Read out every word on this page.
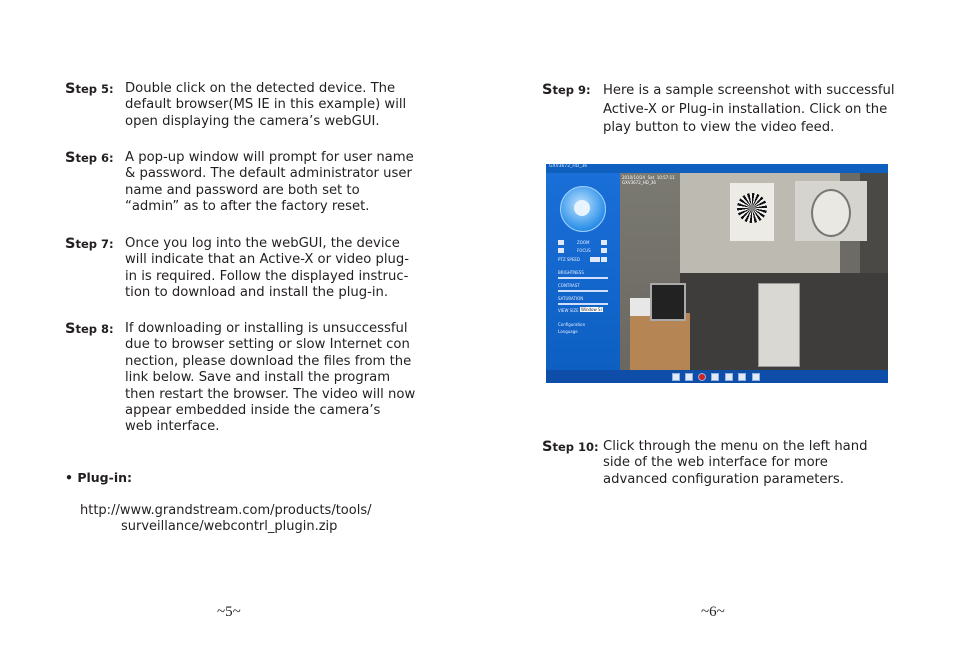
Step 5: Double click on the detected device. The
default browser(MS IE in this example) will
open displaying the camera’s webGUI.
Step 6: A pop-up window will prompt for user name
& password. The default administrator user
name and password are both set to
“admin” as to after the factory reset.
Step 7: Once you log into the webGUI, the device
will indicate that an Active-X or video plug-
in is required. Follow the displayed instruc-
tion to download and install the plug-in.
Step 8: If downloading or installing is unsuccessful
due to browser setting or slow Internet con
nection, please download the files from the
link below. Save and install the program
then restart the browser. The video will now
appear embedded inside the camera’s
web interface.
• Plug-in:
http://www.grandstream.com/products/tools/
surveillance/webcontrl_plugin.zip
~5~
Step 9: Here is a sample screenshot with successful
Active-X or Plug-in installation. Click on the
play button to view the video feed.
GXV3672_HD_36
ZOOM
FOCUS
PTZ SPEED
BRIGHTNESS
CONTRAST
SATURATION
VIEW SIZE Window Si
Configuration
Language
2010/10/24  Sat  10:57:11
GXV3672_HD_36
Step 10: Click through the menu on the left hand
side of the web interface for more
advanced configuration parameters.
~6~
